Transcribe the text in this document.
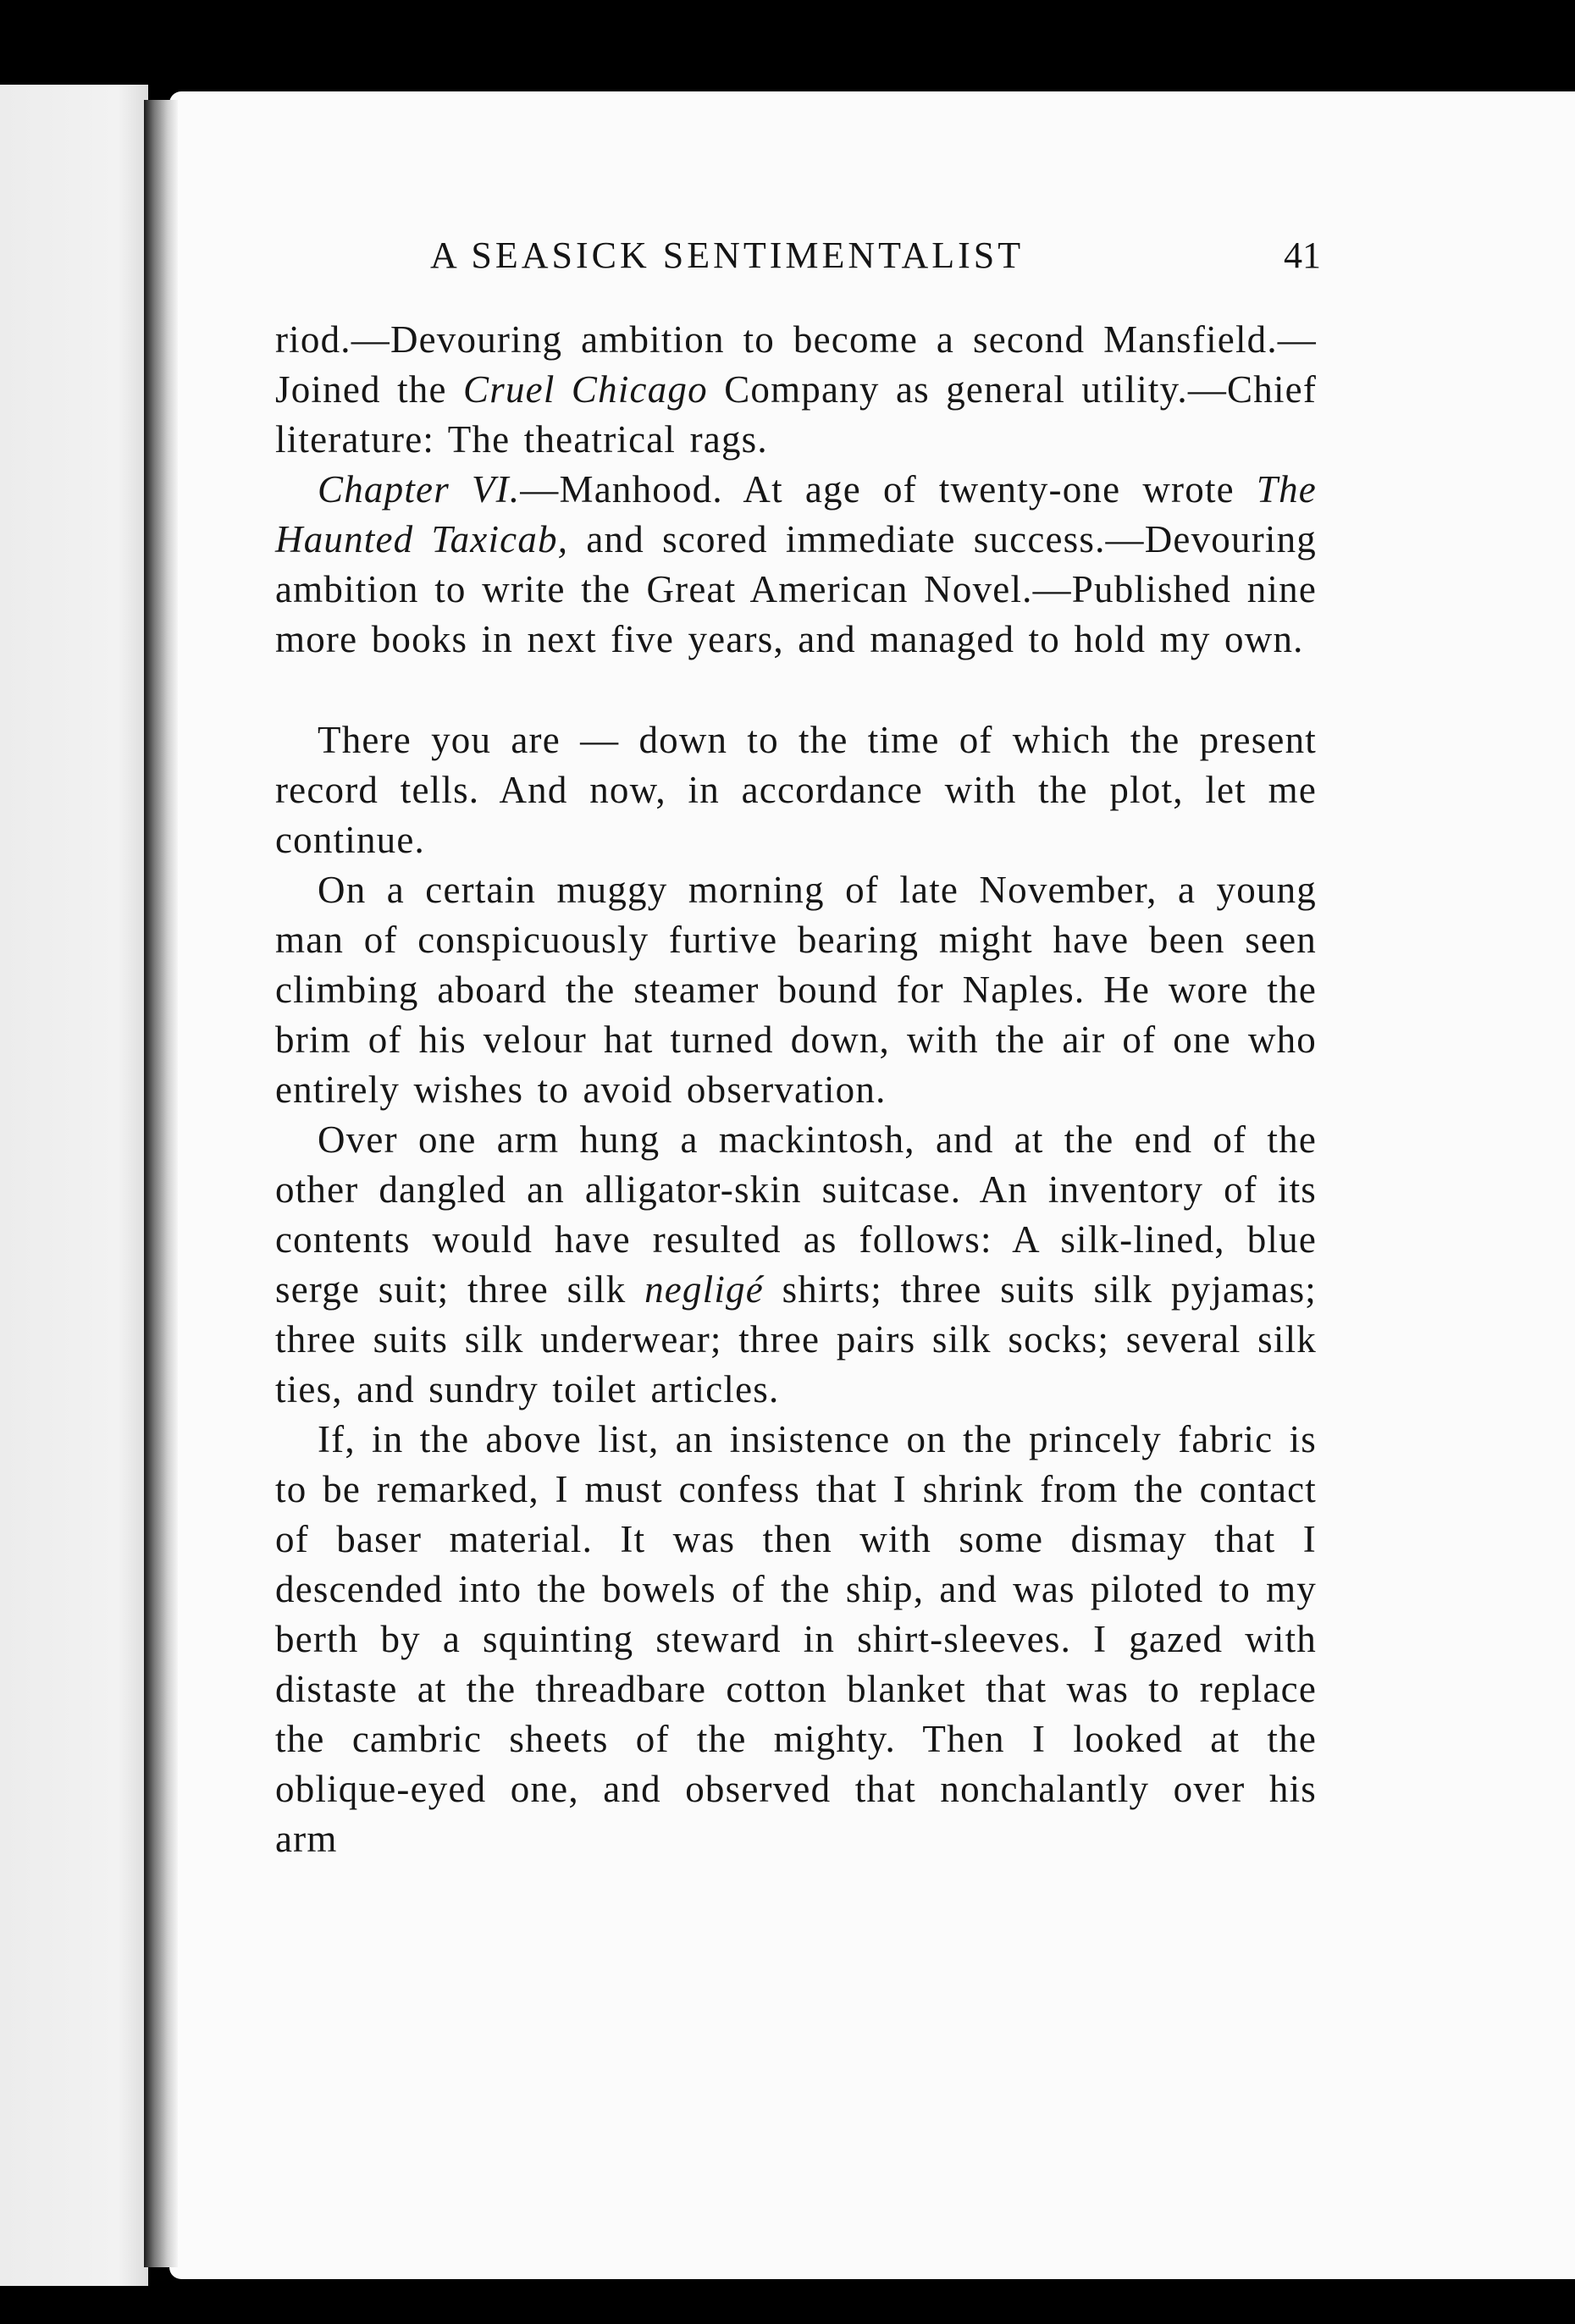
A SEASICK SENTIMENTALIST	41

riod.—Devouring ambition to become a second Mansfield.—Joined the Cruel Chicago Company as general utility.—Chief literature: The theatrical rags.

Chapter VI.—Manhood. At age of twenty-one wrote The Haunted Taxicab, and scored immediate success.—Devouring ambition to write the Great American Novel.—Published nine more books in next five years, and managed to hold my own.

There you are — down to the time of which the present record tells. And now, in accordance with the plot, let me continue.

On a certain muggy morning of late November, a young man of conspicuously furtive bearing might have been seen climbing aboard the steamer bound for Naples. He wore the brim of his velour hat turned down, with the air of one who entirely wishes to avoid observation.

Over one arm hung a mackintosh, and at the end of the other dangled an alligator-skin suitcase. An inventory of its contents would have resulted as follows: A silk-lined, blue serge suit; three silk negligé shirts; three suits silk pyjamas; three suits silk underwear; three pairs silk socks; several silk ties, and sundry toilet articles.

If, in the above list, an insistence on the princely fabric is to be remarked, I must confess that I shrink from the contact of baser material. It was then with some dismay that I descended into the bowels of the ship, and was piloted to my berth by a squinting steward in shirt-sleeves. I gazed with distaste at the threadbare cotton blanket that was to replace the cambric sheets of the mighty. Then I looked at the oblique-eyed one, and observed that nonchalantly over his arm
